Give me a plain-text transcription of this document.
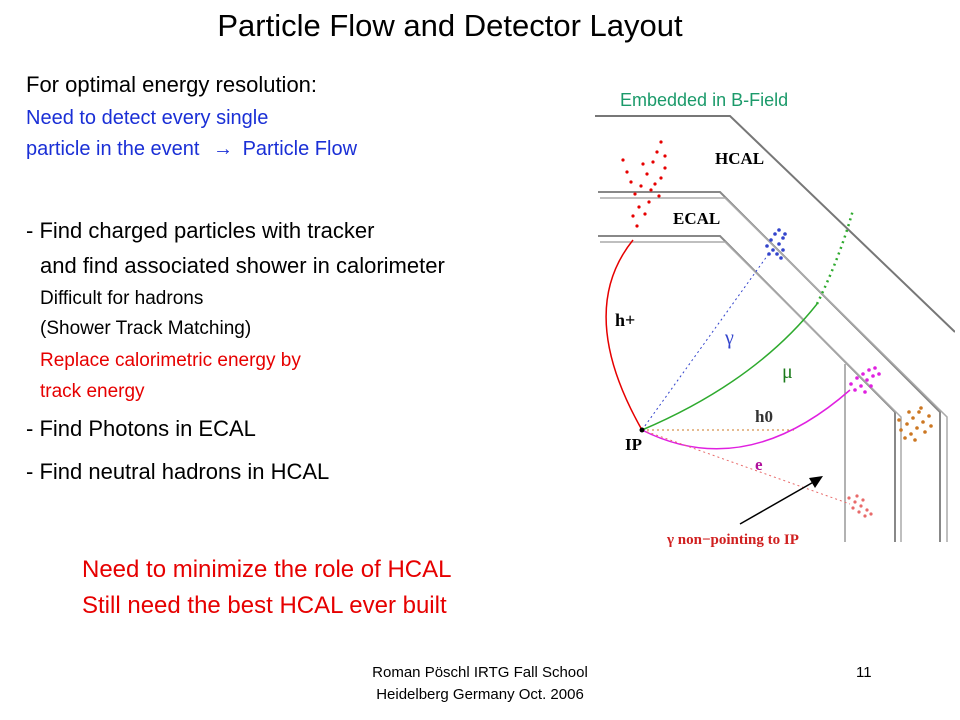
Particle Flow and Detector Layout
For optimal energy resolution:
Need to detect every single
particle in the event → Particle Flow
- Find charged particles with tracker
and find associated shower in calorimeter
Difficult for hadrons
(Shower Track Matching)
Replace calorimetric energy by
track energy
- Find Photons in ECAL
- Find neutral hadrons in HCAL
Need to minimize the role of HCAL
Still need the best HCAL ever built
Embedded in B-Field
HCAL
ECAL
h+
γ
μ
h0
IP
e
γ non−pointing to IP
Roman Pöschl IRTG Fall School
Heidelberg Germany Oct. 2006
11
